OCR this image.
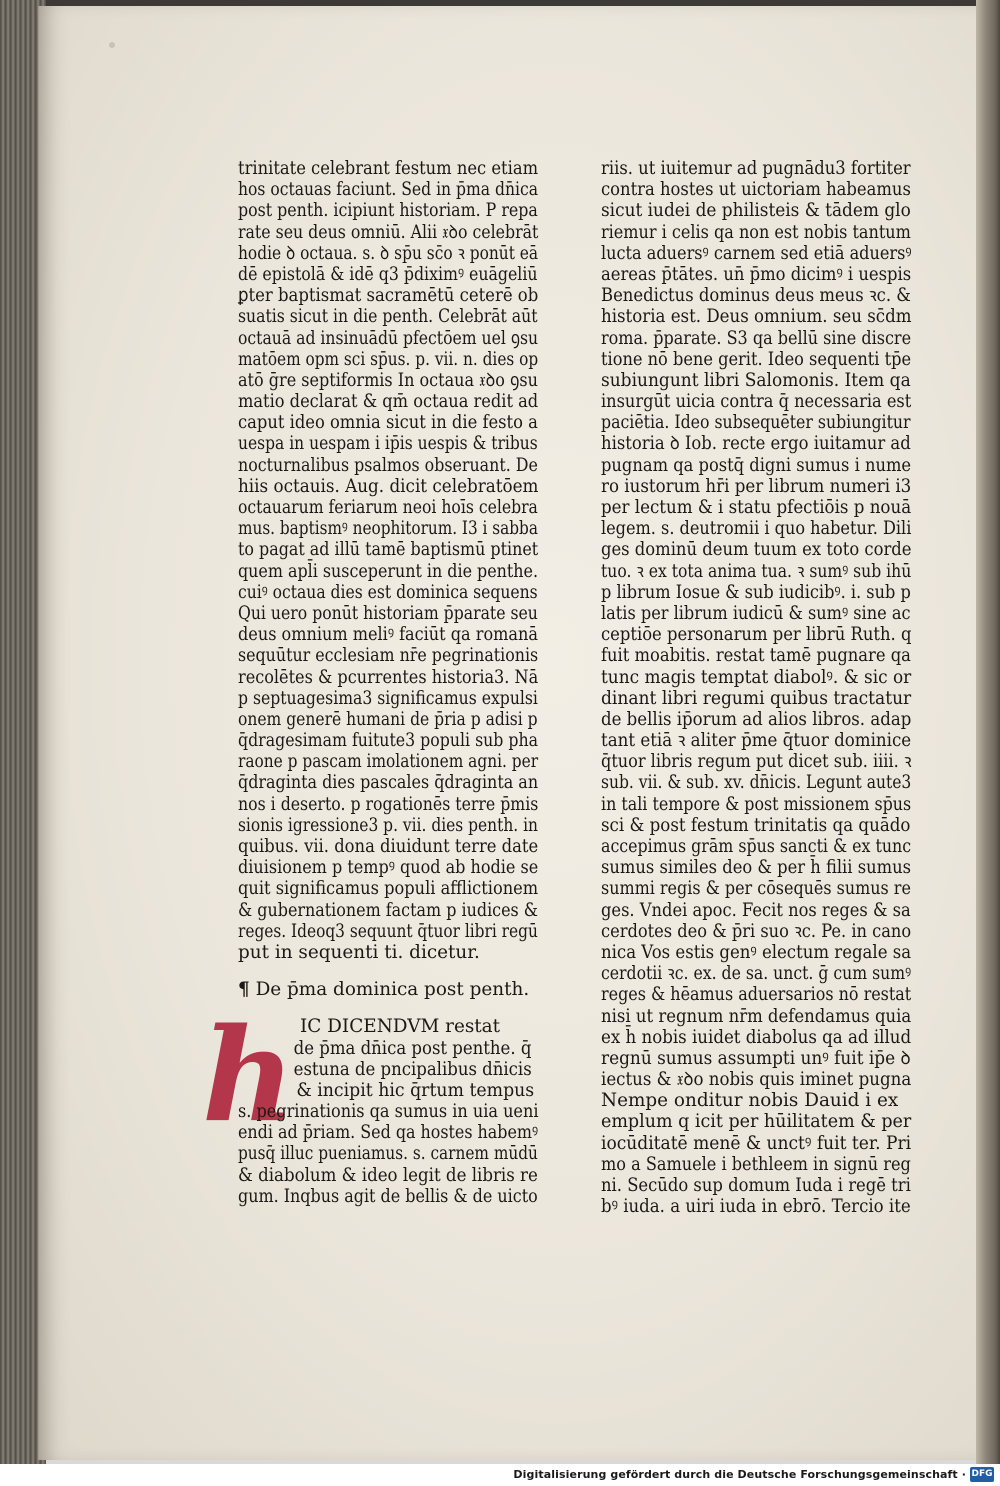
trinitate celebrant festum nec etiam
hos octauas faciunt. Sed in p̄ma dn̄ica
post penth. icipiunt historiam. P repa
rate seu deus omniū. Alii 𝔵ꝺo celebrāt
hodie ꝺ octaua. s. ꝺ sp̄u sc̄o ꝛ ponūt eā
dē epistolā & idē q3 p̄diximꝰ euāgeliū
ꝑter baptismat sacramētū ceterē ob
suatis sicut in die penth. Celebrāt aūt
octauā ad insinuādū pfectōem uel ꝯsu
matōem opm sci sp̄us. p. vii. n. dies op
atō ḡre septiformis In octaua 𝔵ꝺo ꝯsu
matio declarat & qm̄ octaua redit ad
caput ideo omnia sicut in die festo a
uespa in uespam i ip̄is uespis & tribus
nocturnalibus psalmos obseruant. De
hiis octauis. Aug. dicit celebratōem
octauarum feriarum neoi hoīs celebra
mus. baptismꝰ neophitorum. I3 i sabba
to pagat ad illū tamē baptismū ptinet
quem apl̄i susceperunt in die penthe.
cuiꝰ octaua dies est dominica sequens
Qui uero ponūt historiam p̄parate seu
deus omnium meliꝰ faciūt qa romanā
sequūtur ecclesiam nr̄e pegrinationis
recolētes & pcurrentes historia3. Nā
p septuagesima3 significamus expulsi
onem generē humani de p̄ria p adisi p
q̄dragesimam fuitute3 populi sub pha
raone p pascam imolationem agni. per
q̄draginta dies pascales q̄draginta an
nos i deserto. p rogationēs terre p̄mis
sionis igressione3 p. vii. dies penth. in
quibus. vii. dona diuidunt terre date
diuisionem p tempꝰ quod ab hodie se
quit significamus populi afflictionem
& gubernationem factam p iudices &
reges. Ideoq3 sequunt q̄tuor libri regū
put in sequenti ti. dicetur.
¶ De p̄ma dominica post penth.
h IC DICENDVM restat
de p̄ma dn̄ica post penthe. q̄
estuna de pncipalibus dn̄icis
& incipit hic q̄rtum tempus
s. pegrinationis qa sumus in uia ueni
endi ad p̄riam. Sed qa hostes habemꝰ
pusq̄ illuc pueniamus. s. carnem mūdū
& diabolum & ideo legit de libris re
gum. Inqbus agit de bellis & de uicto
riis. ut iuitemur ad pugnādu3 fortiter
contra hostes ut uictoriam habeamus
sicut iudei de philisteis & tādem glo
riemur i celis qa non est nobis tantum
lucta aduersꝰ carnem sed etiā aduersꝰ
aereas p̄tātes. un̄ p̄mo dicimꝰ i uespis
Benedictus dominus deus meus ꝛc. &
historia est. Deus omnium. seu sc̄dm
roma. p̄parate. S3 qa bellū sine discre
tione nō bene gerit. Ideo sequenti tp̄e
subiungunt libri Salomonis. Item qa
insurgūt uicia contra q̄ necessaria est
paciētia. Ideo subsequēter subiungitur
historia ꝺ Iob. recte ergo iuitamur ad
pugnam qa postq̄ digni sumus i nume
ro iustorum hr̄i per librum numeri i3
per lectum & i statu pfectiōis p nouā
legem. s. deutromii i quo habetur. Dili
ges dominū deum tuum ex toto corde
tuo. ꝛ ex tota anima tua. ꝛ sumꝰ sub ihū
p librum Iosue & sub iudicibꝰ. i. sub p
latis per librum iudicū & sumꝰ sine ac
ceptiōe personarum per librū Ruth. q
fuit moabitis. restat tamē pugnare qa
tunc magis temptat diabolꝰ. & sic or
dinant libri regumi quibus tractatur
de bellis ip̄orum ad alios libros. adap
tant etiā ꝛ aliter p̄me q̄tuor dominice
q̄tuor libris regum put dicet sub. iiii. ꝛ
sub. vii. & sub. xv. dn̄icis. Legunt aute3
in tali tempore & post missionem sp̄us
sci & post festum trinitatis qa quādo
accepimus grām sp̄us sancti & ex tunc
sumus similes deo & per h̄ filii sumus
summi regis & per cōsequēs sumus re
ges. Vndei apoc. Fecit nos reges & sa
cerdotes deo & p̄ri suo ꝛc. Pe. in cano
nica Vos estis genꝰ electum regale sa
cerdotii ꝛc. ex. de sa. unct. ḡ cum sumꝰ
reges & hēamus aduersarios nō restat
nisi ut regnum nr̄m defendamus quia
ex h̄ nobis iuidet diabolus qa ad illud
regnū sumus assumpti unꝰ fuit ip̄e ꝺ
iectus & 𝔵ꝺo nobis quis iminet pugna
Nempe onditur nobis Dauid i ex
emplum q icit per hūilitatem & per
iocūditatē menē & unctꝰ fuit ter. Pri
mo a Samuele i bethleem in signū reg
ni. Secūdo sup domum Iuda i regē tri
bꝰ iuda. a uiri iuda in ebrō. Tercio ite
Digitalisierung gefördert durch die Deutsche Forschungsgemeinschaft · DFG
